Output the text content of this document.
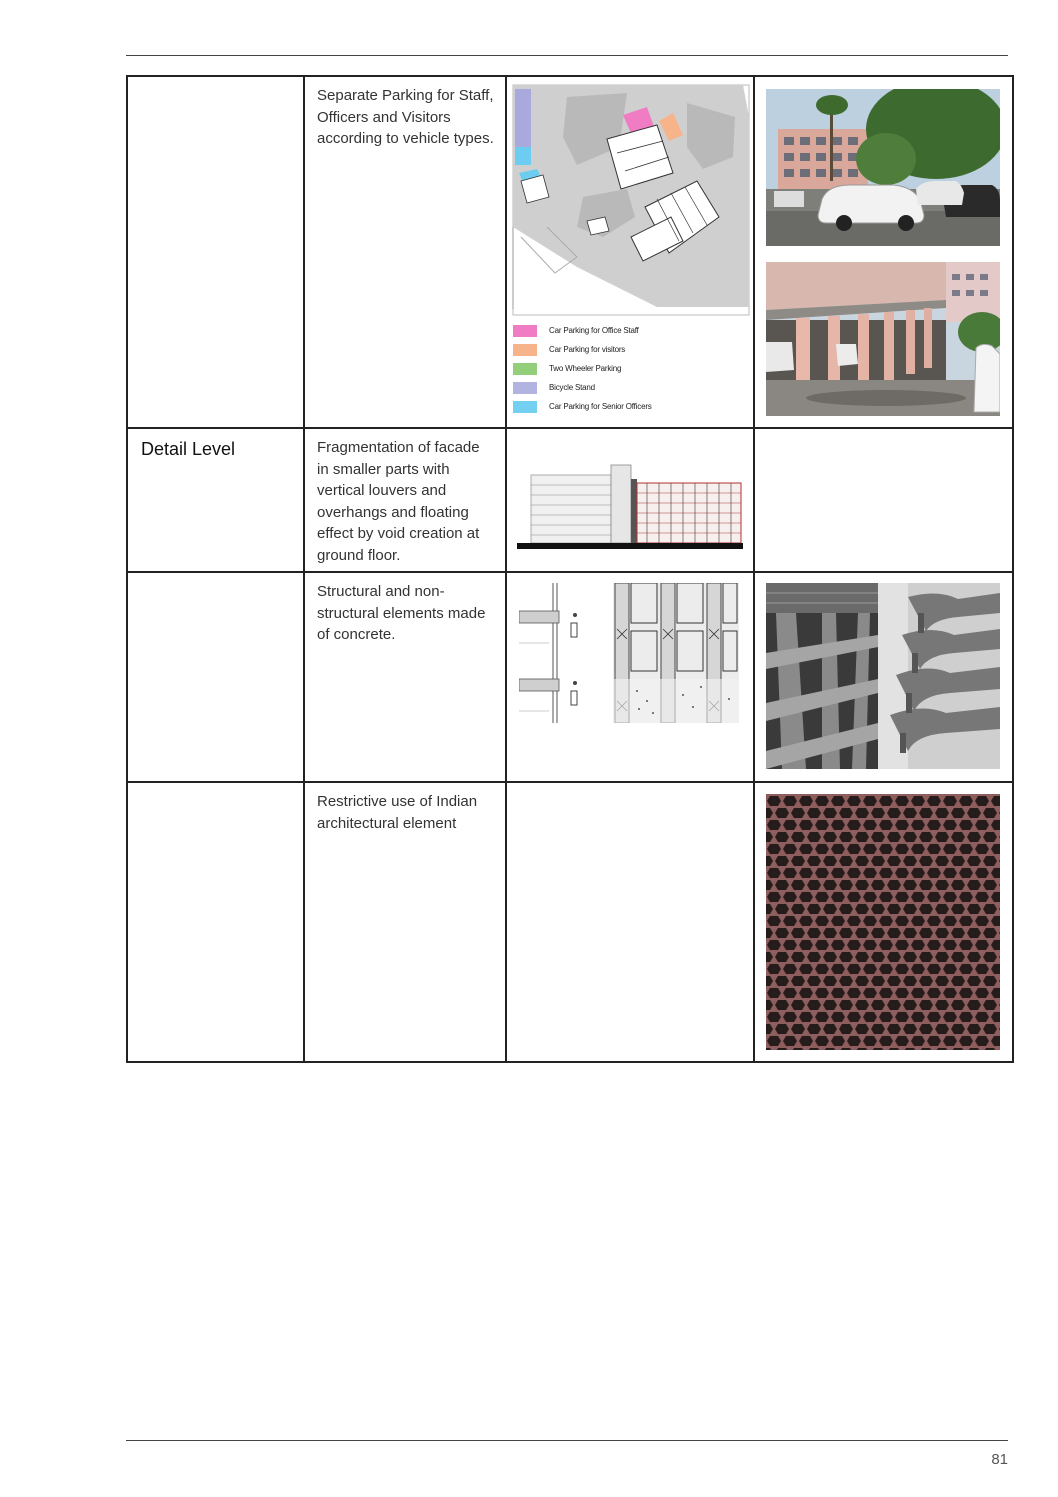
	Separate Parking for Staff, Officers and Visitors according to vehicle types.	Car Parking for Office Staff
Car Parking for visitors
Two Wheeler Parking
Bicycle Stand
Car Parking for Senior Officers

Detail Level	Fragmentation of facade in smaller parts with vertical louvers and overhangs and floating effect by void creation at ground floor.

	Structural and non-structural elements made of concrete.

	Restrictive use of Indian architectural element

81
